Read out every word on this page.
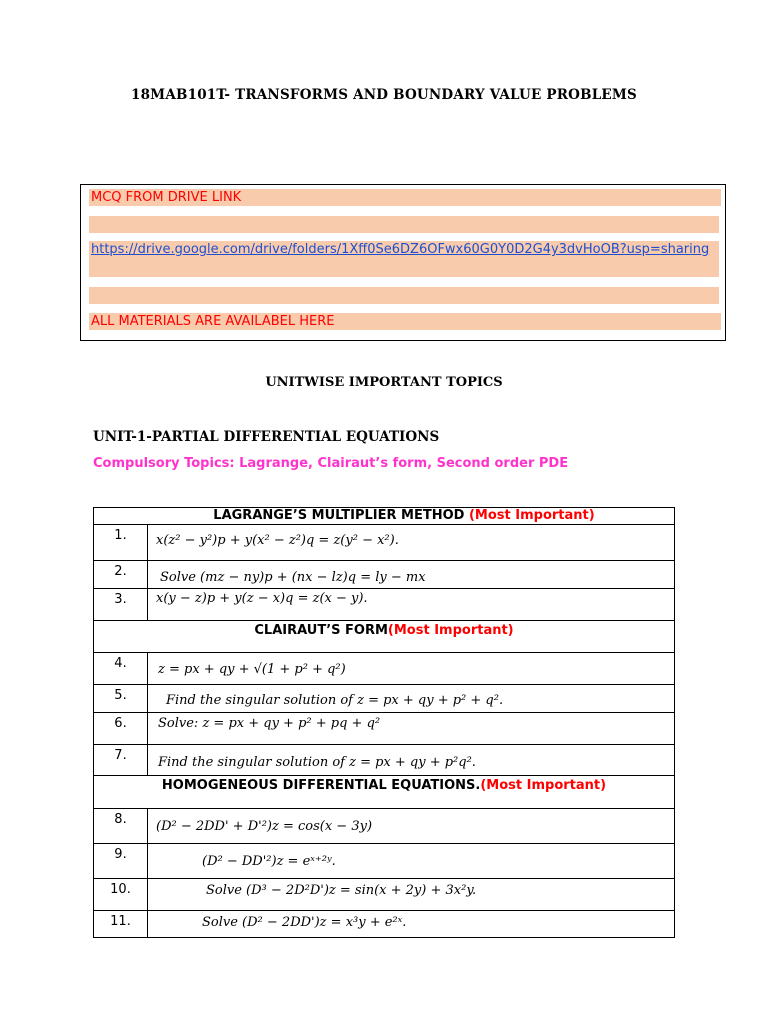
18MAB101T- TRANSFORMS AND BOUNDARY VALUE PROBLEMS
MCQ FROM DRIVE LINK
https://drive.google.com/drive/folders/1Xff0Se6DZ6OFwx60G0Y0D2G4y3dvHoOB?usp=sharing
ALL MATERIALS ARE AVAILABEL HERE
UNITWISE IMPORTANT TOPICS
UNIT-1-PARTIAL DIFFERENTIAL EQUATIONS
Compulsory Topics: Lagrange, Clairaut’s form, Second order PDE
LAGRANGE’S MULTIPLIER METHOD (Most Important)	
1.	x(z² − y²)p + y(x² − z²)q = z(y² − x²).

2.	Solve (mz − ny)p + (nx − lz)q = ly − mx

3.	x(y − z)p + y(z − x)q = z(x − y).

CLAIRAUT’S FORM(Most Important)	
4.	z = px + qy + √(1 + p² + q²)

5.	Find the singular solution of z = px + qy + p² + q².

6.	Solve: z = px + qy + p² + pq + q²

7.	Find the singular solution of z = px + qy + p²q².

HOMOGENEOUS DIFFERENTIAL EQUATIONS.(Most Important)	
8.	(D² − 2DD' + D'²)z = cos(x − 3y)

9.	(D² − DD'²)z = eˣ⁺²ʸ.

10.	Solve (D³ − 2D²D')z = sin(x + 2y) + 3x²y.

11.	Solve (D² − 2DD')z = x³y + e²ˣ.
